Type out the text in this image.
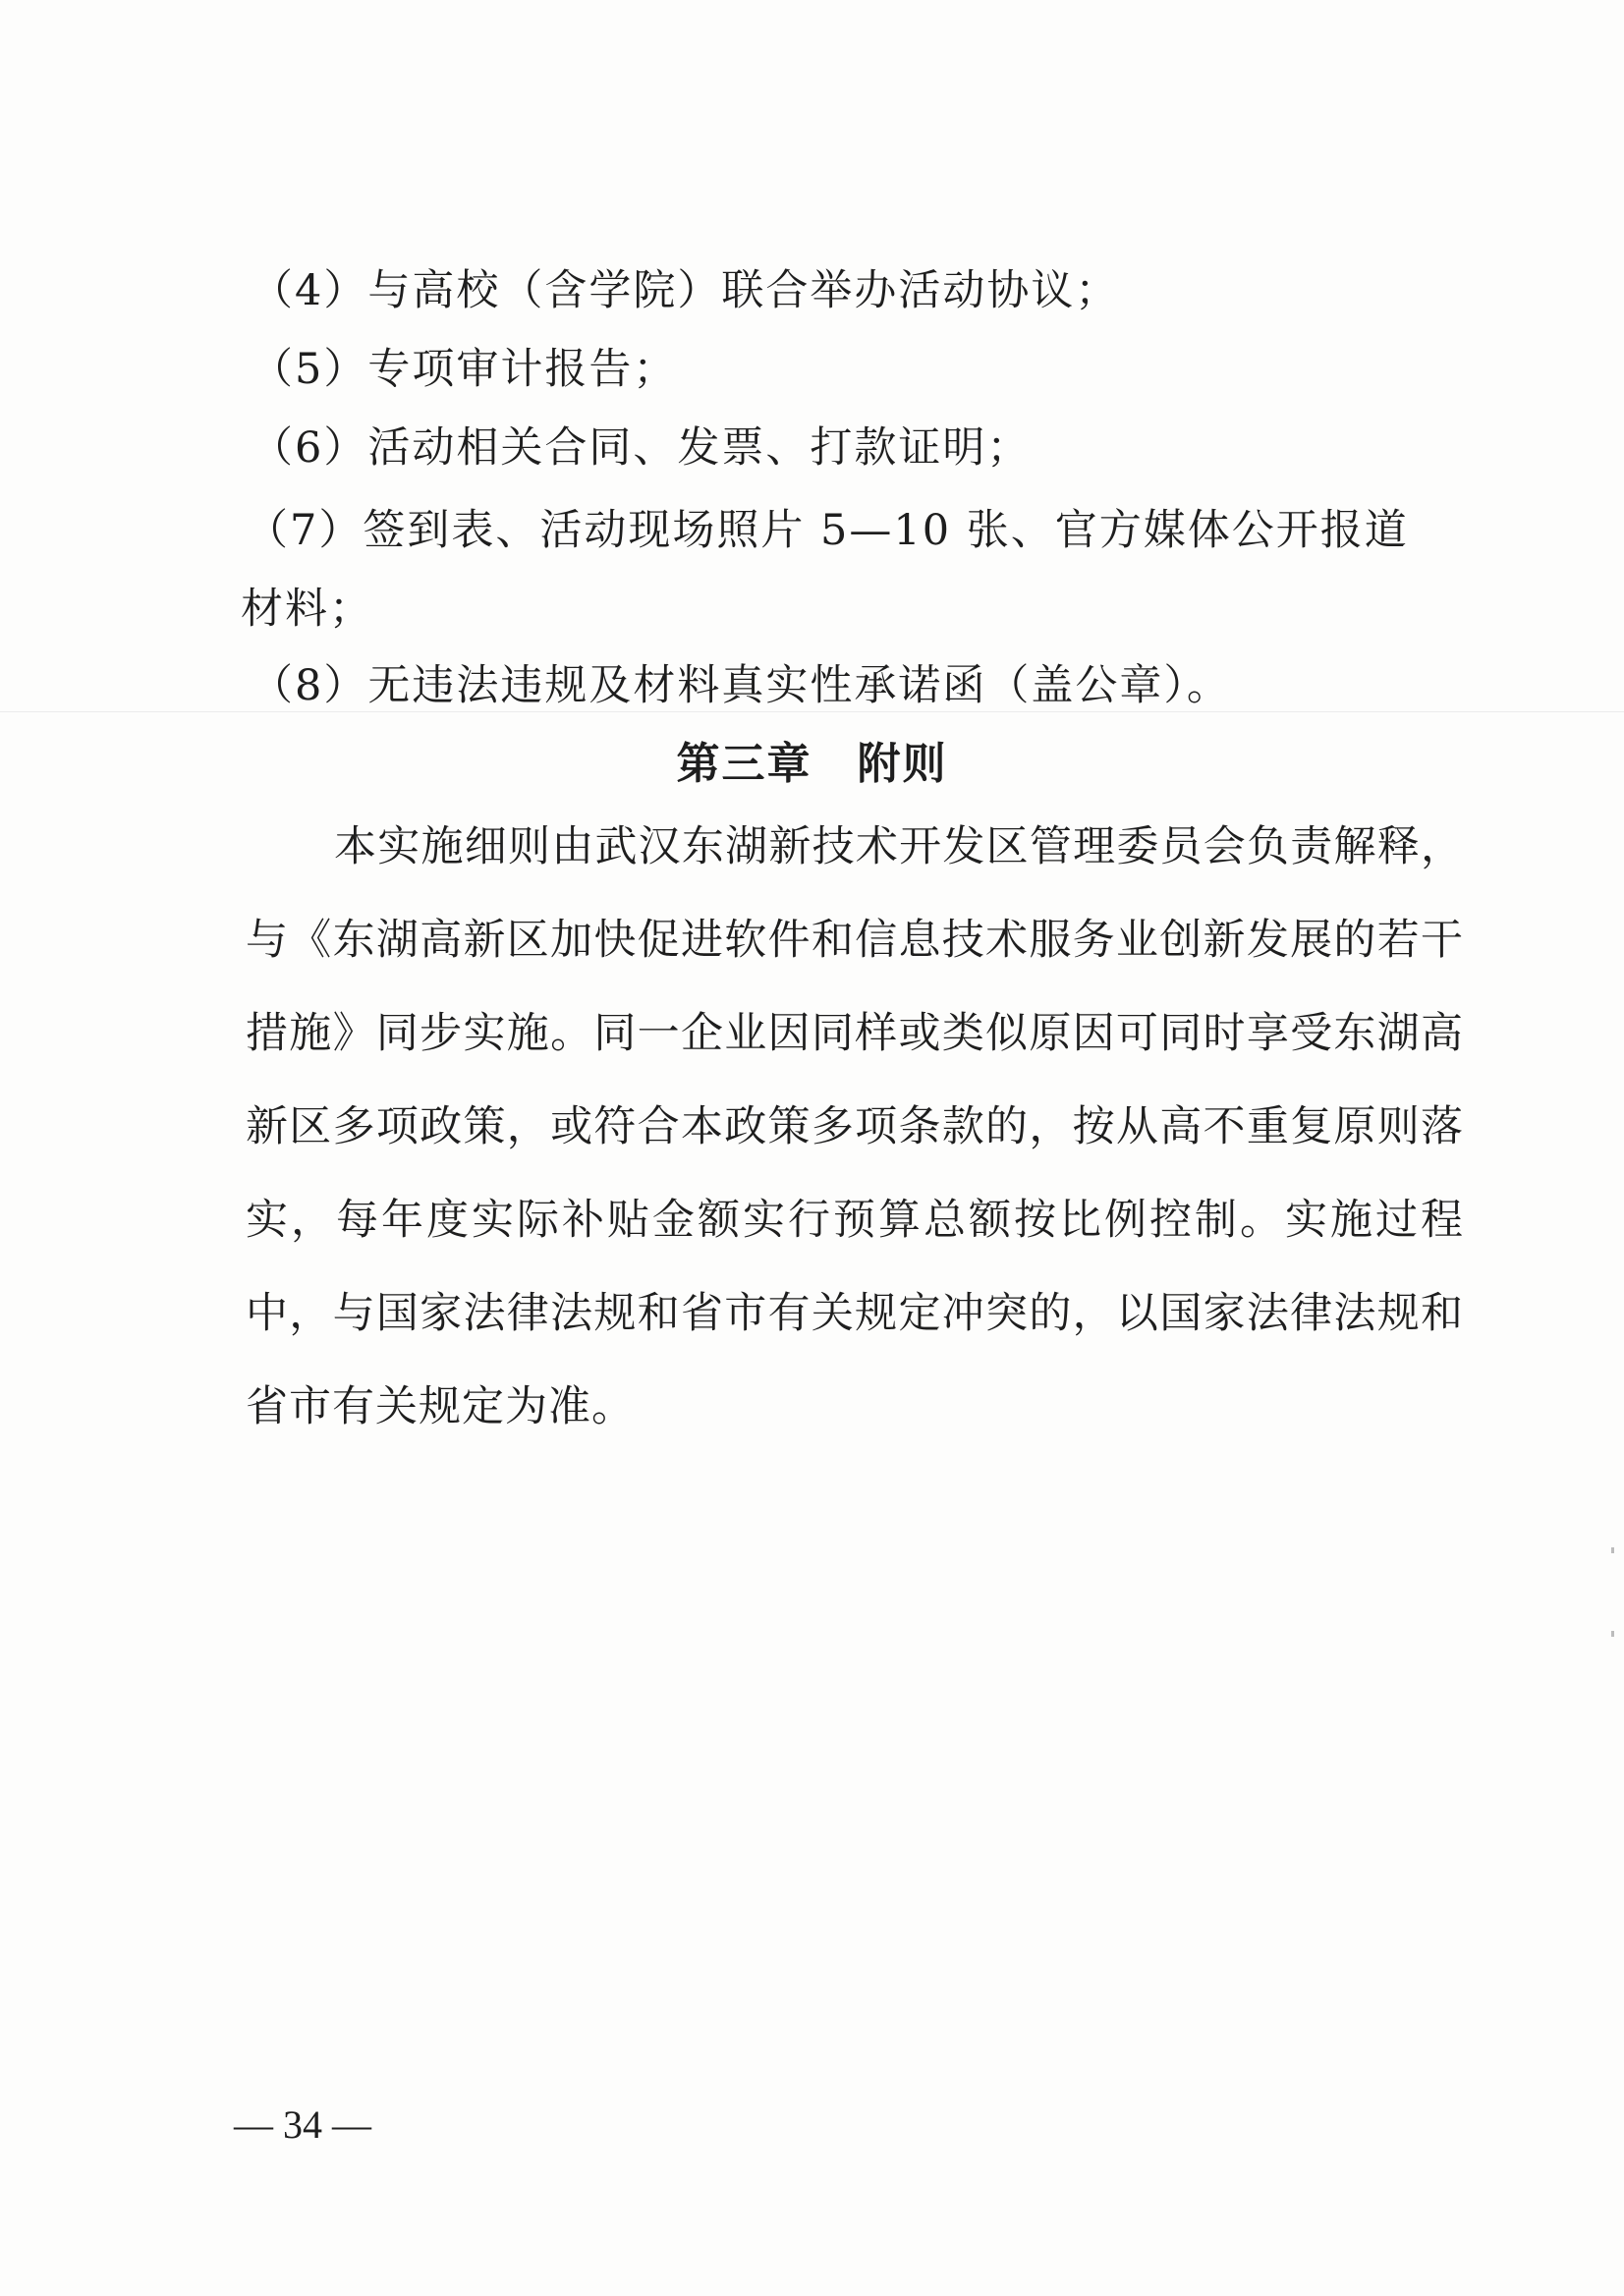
（4）与高校（含学院）联合举办活动协议；
（5）专项审计报告；
（6）活动相关合同、发票、打款证明；
（7）签到表、活动现场照片 5—10 张、官方媒体公开报道
材料；
（8）无违法违规及材料真实性承诺函（盖公章）。
第三章　附则
本实施细则由武汉东湖新技术开发区管理委员会负责解释，与《东湖高新区加快促进软件和信息技术服务业创新发展的若干措施》同步实施。同一企业因同样或类似原因可同时享受东湖高新区多项政策，或符合本政策多项条款的，按从高不重复原则落实，每年度实际补贴金额实行预算总额按比例控制。实施过程中，与国家法律法规和省市有关规定冲突的，以国家法律法规和省市有关规定为准。
— 34 —
